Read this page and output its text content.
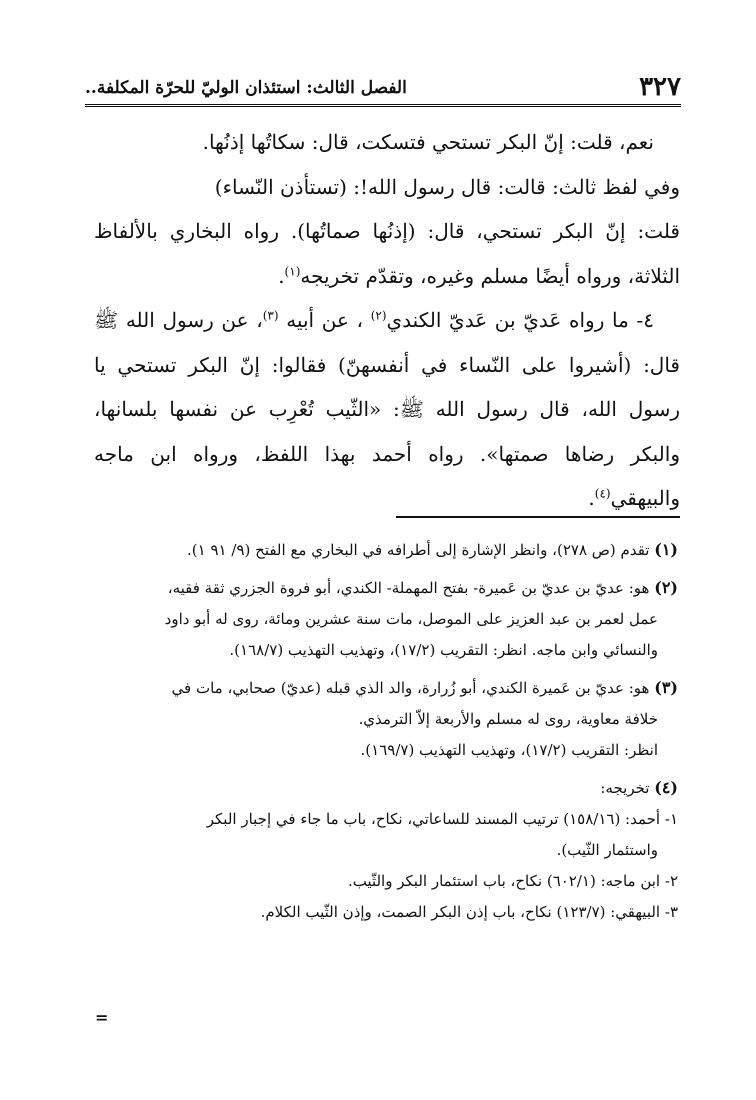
٣٢٧
الفصل الثالث: استئذان الوليّ للحرّة المكلفة..

نعم، قلت: إنّ البكر تستحي فتسكت، قال: سكاتُها إذنُها.

وفي لفظ ثالث: قالت: قال رسول الله!: (تستأذن النّساء)

قلت: إنّ البكر تستحي، قال: (إذنُها صماتُها). رواه البخاري بالألفاظ الثلاثة، ورواه أيضًا مسلم وغيره، وتقدّم تخريجه$^{(١)}$.

٤- ما رواه عَديّ بن عَديّ الكندي$^{(٢)}$ ، عن أبيه $^{(٣)}$، عن رسول الله ﷺ قال: (أشيروا على النّساء في أنفسهنّ) فقالوا: إنّ البكر تستحي يا رسول الله، قال رسول الله ﷺ: «الثّيب تُعْرِب عن نفسها بلسانها، والبكر رضاها صمتها». رواه أحمد بهذا اللفظ، ورواه ابن ماجه والبيهقي$^{(٤)}$.

(١) تقدم (ص ٢٧٨)، وانظر الإشارة إلى أطرافه في البخاري مع الفتح (٩/ ٩١ ١).
(٢) هو: عديّ بن عديّ بن عَميرة- بفتح المهملة- الكندي، أبو فروة الجزري ثقة فقيه،
عمل لعمر بن عبد العزيز على الموصل، مات سنة عشرين ومائة، روى له أبو داود
والنسائي وابن ماجه. انظر: التقريب (١٧/٢)، وتهذيب التهذيب (١٦٨/٧).
(٣) هو: عديّ بن عَميرة الكندي، أبو زُرارة، والد الذي قبله (عديّ) صحابي، مات في
خلافة معاوية، روى له مسلم والأربعة إلاّ الترمذي.
انظر: التقريب (١٧/٢)، وتهذيب التهذيب (١٦٩/٧).
(٤) تخريجه:
١- أحمد: (١٥٨/١٦) ترتيب المسند للساعاتي، نكاح، باب ما جاء في إجبار البكر
واستئمار الثّيب).
٢- ابن ماجه: (٦٠٢/١) نكاح، باب استئمار البكر والثّيب.
٣- البيهقي: (١٢٣/٧) نكاح، باب إذن البكر الصمت، وإذن الثّيب الكلام.
=
